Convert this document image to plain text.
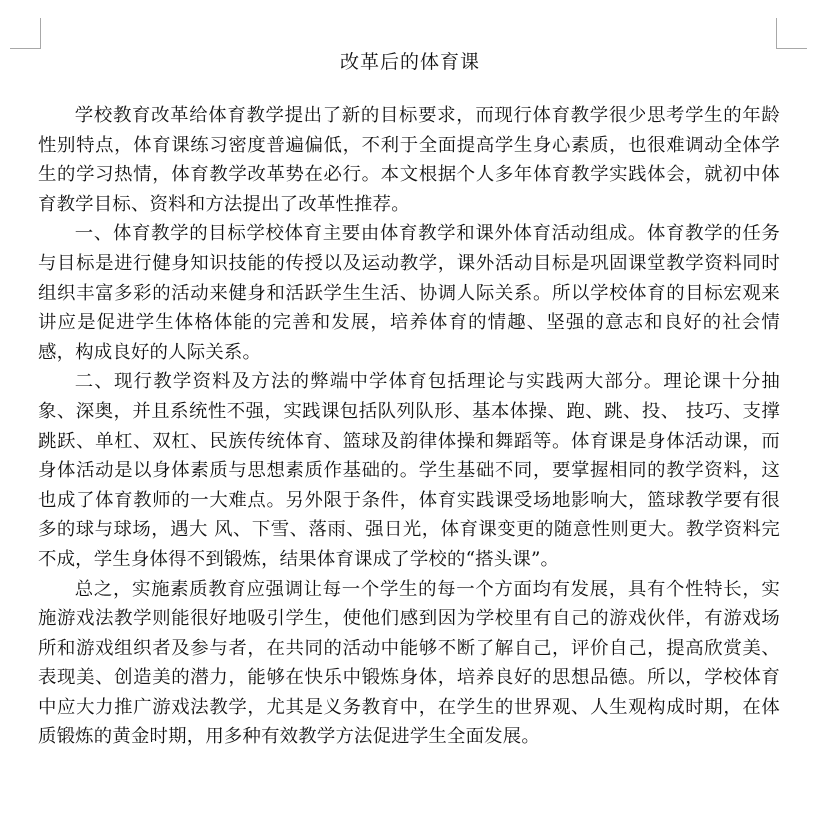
改革后的体育课

学校教育改革给体育教学提出了新的目标要求，而现行体育教学很少思考学生的年龄性别特点，体育课练习密度普遍偏低，不利于全面提高学生身心素质，也很难调动全体学生的学习热情，体育教学改革势在必行。本文根据个人多年体育教学实践体会，就初中体育教学目标、资料和方法提出了改革性推荐。

一、体育教学的目标学校体育主要由体育教学和课外体育活动组成。体育教学的任务与目标是进行健身知识技能的传授以及运动教学，课外活动目标是巩固课堂教学资料同时组织丰富多彩的活动来健身和活跃学生生活、协调人际关系。所以学校体育的目标宏观来讲应是促进学生体格体能的完善和发展，培养体育的情趣、坚强的意志和良好的社会情感，构成良好的人际关系。

二、现行教学资料及方法的弊端中学体育包括理论与实践两大部分。理论课十分抽象、深奥，并且系统性不强，实践课包括队列队形、基本体操、跑、跳、投、 技巧、支撑跳跃、单杠、双杠、民族传统体育、篮球及韵律体操和舞蹈等。体育课是身体活动课，而身体活动是以身体素质与思想素质作基础的。学生基础不同，要掌握相同的教学资料，这也成了体育教师的一大难点。另外限于条件，体育实践课受场地影响大，篮球教学要有很多的球与球场，遇大 风、下雪、落雨、强日光，体育课变更的随意性则更大。教学资料完不成，学生身体得不到锻炼，结果体育课成了学校的“搭头课”。

总之，实施素质教育应强调让每一个学生的每一个方面均有发展，具有个性特长，实施游戏法教学则能很好地吸引学生，使他们感到因为学校里有自己的游戏伙伴，有游戏场所和游戏组织者及参与者，在共同的活动中能够不断了解自己，评价自己，提高欣赏美、表现美、创造美的潜力，能够在快乐中锻炼身体，培养良好的思想品德。所以，学校体育中应大力推广游戏法教学，尤其是义务教育中，在学生的世界观、人生观构成时期，在体质锻炼的黄金时期，用多种有效教学方法促进学生全面发展。
